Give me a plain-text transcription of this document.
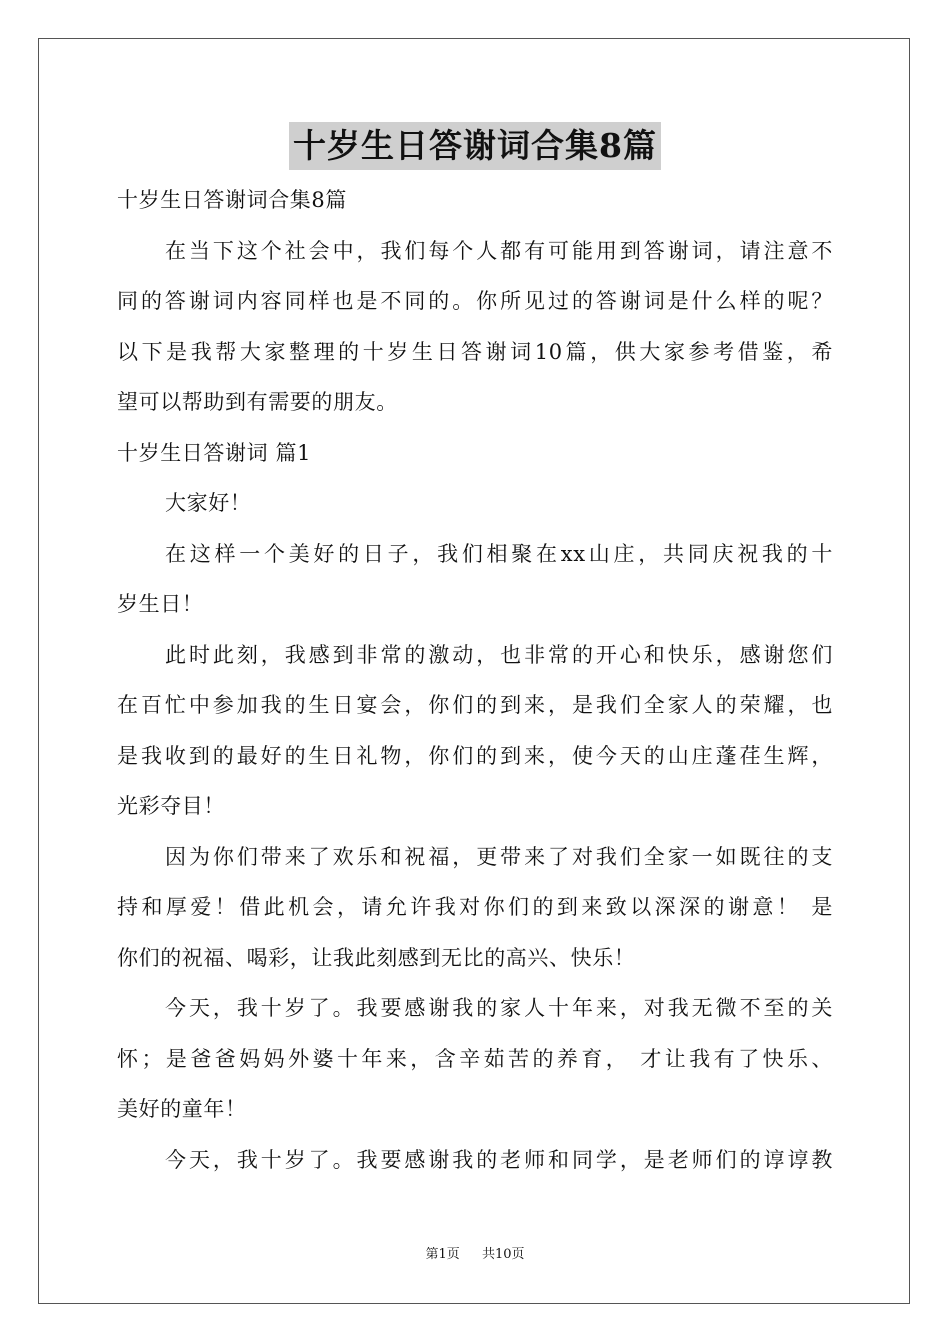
十岁生日答谢词合集8篇

十岁生日答谢词合集8篇

在当下这个社会中，我们每个人都有可能用到答谢词，请注意不

同的答谢词内容同样也是不同的。你所见过的答谢词是什么样的呢？

以下是我帮大家整理的十岁生日答谢词10篇，供大家参考借鉴，希

望可以帮助到有需要的朋友。

十岁生日答谢词 篇1

大家好！

在这样一个美好的日子，我们相聚在xx山庄，共同庆祝我的十

岁生日！

此时此刻，我感到非常的激动，也非常的开心和快乐，感谢您们

在百忙中参加我的生日宴会，你们的到来，是我们全家人的荣耀，也

是我收到的最好的生日礼物，你们的到来，使今天的山庄蓬荏生辉，

光彩夺目！

因为你们带来了欢乐和祝福，更带来了对我们全家一如既往的支

持和厚爱！借此机会，请允许我对你们的到来致以深深的谢意！ 是

你们的祝福、喝彩，让我此刻感到无比的高兴、快乐！

今天，我十岁了。我要感谢我的家人十年来，对我无微不至的关

怀；是爸爸妈妈外婆十年来，含辛茹苦的养育， 才让我有了快乐、

美好的童年！

今天，我十岁了。我要感谢我的老师和同学，是老师们的谆谆教

第1页 共10页
